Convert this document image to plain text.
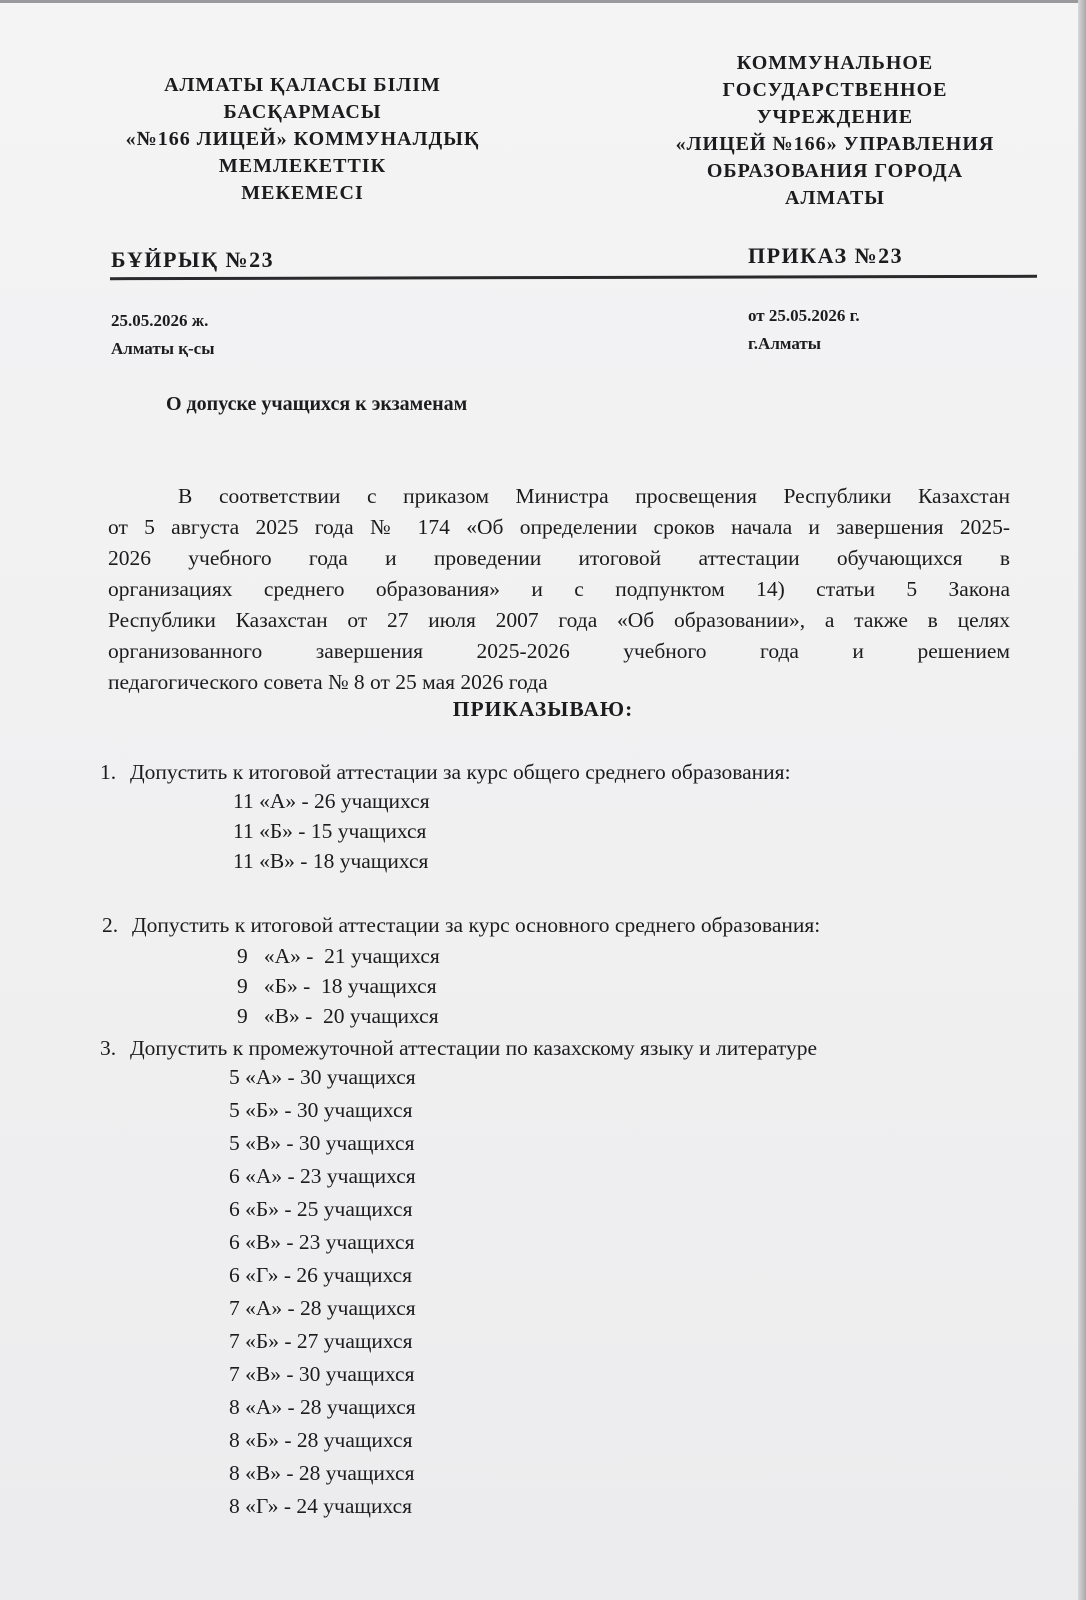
АЛМАТЫ ҚАЛАСЫ БІЛІМ
БАСҚАРМАСЫ
«№166 ЛИЦЕЙ» КОММУНАЛДЫҚ
МЕМЛЕКЕТТІК
МЕКЕМЕСІ
КОММУНАЛЬНОЕ
ГОСУДАРСТВЕННОЕ
УЧРЕЖДЕНИЕ
«ЛИЦЕЙ №166» УПРАВЛЕНИЯ
ОБРАЗОВАНИЯ ГОРОДА
АЛМАТЫ
БҰЙРЫҚ №23	ПРИКАЗ №23
25.05.2026 ж.
Алматы қ-сы
от 25.05.2026 г.
г.Алматы
О допуске учащихся к экзаменам
В соответствии с приказом Министра просвещения Республики Казахстан
от 5 августа 2025 года № 174 «Об определении сроков начала и завершения 2025-
2026 учебного года и проведении итоговой аттестации обучающихся в
организациях среднего образования» и с подпунктом 14) статьи 5 Закона
Республики Казахстан от 27 июля 2007 года «Об образовании», а также в целях
организованного завершения 2025-2026 учебного года и решением
педагогического совета № 8 от 25 мая 2026 года
ПРИКАЗЫВАЮ:
1. Допустить к итоговой аттестации за курс общего среднего образования:
11 «А» - 26 учащихся
11 «Б» - 15 учащихся
11 «В» - 18 учащихся
2. Допустить к итоговой аттестации за курс основного среднего образования:
9   «А» -  21 учащихся
9   «Б» -  18 учащихся
9   «В» -  20 учащихся
3. Допустить к промежуточной аттестации по казахскому языку и литературе
5 «А» - 30 учащихся
5 «Б» - 30 учащихся
5 «В» - 30 учащихся
6 «А» - 23 учащихся
6 «Б» - 25 учащихся
6 «В» - 23 учащихся
6 «Г» - 26 учащихся
7 «А» - 28 учащихся
7 «Б» - 27 учащихся
7 «В» - 30 учащихся
8 «А» - 28 учащихся
8 «Б» - 28 учащихся
8 «В» - 28 учащихся
8 «Г» - 24 учащихся
